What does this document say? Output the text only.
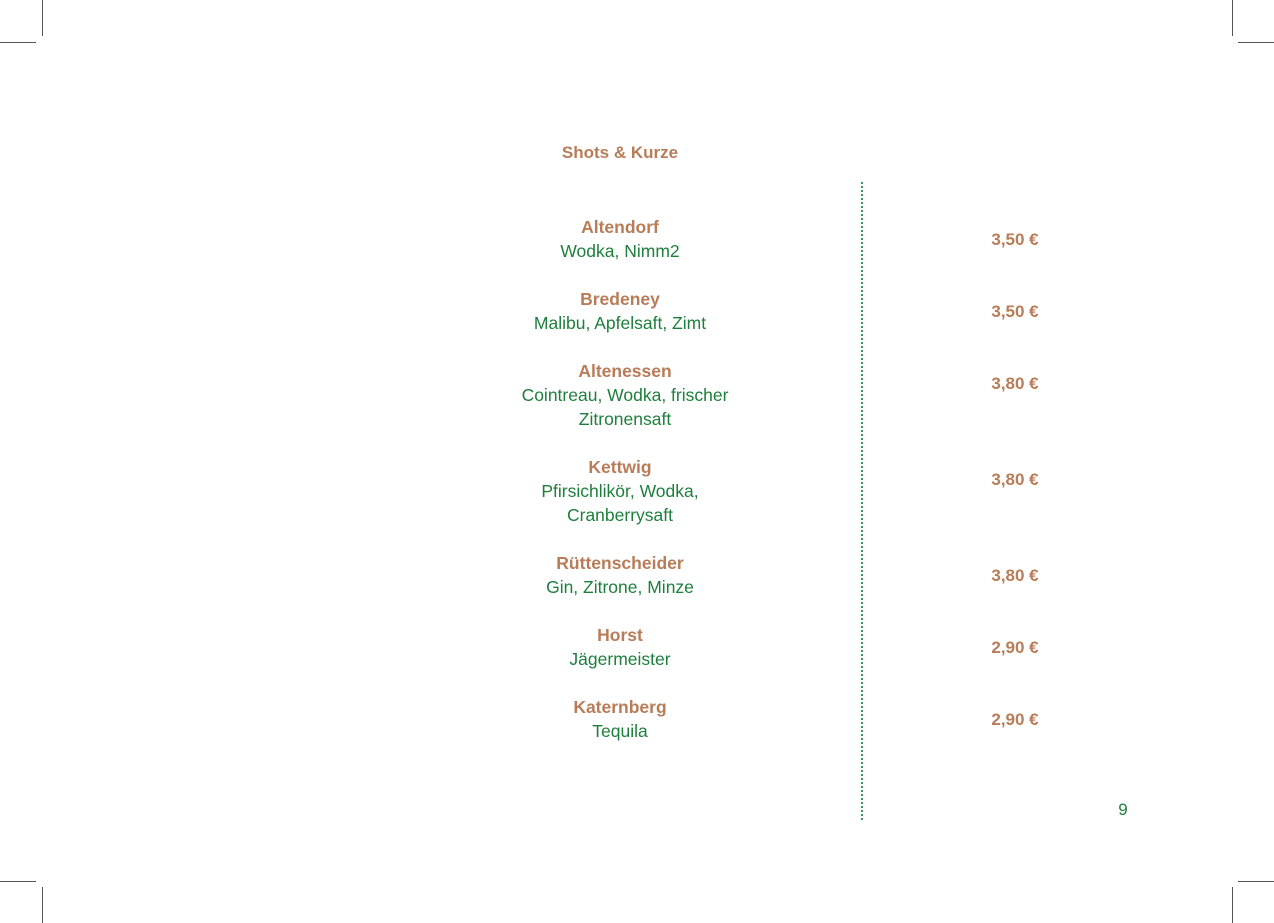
Shots & Kurze
Altendorf
Wodka, Nimm2
3,50 €
Bredeney
Malibu, Apfelsaft, Zimt
3,50 €
Altenessen
Cointreau, Wodka, frischer Zitronensaft
3,80 €
Kettwig
Pfirsichlikör, Wodka, Cranberrysaft
3,80 €
Rüttenscheider
Gin, Zitrone, Minze
3,80 €
Horst
Jägermeister
2,90 €
Katernberg
Tequila
2,90 €
9
